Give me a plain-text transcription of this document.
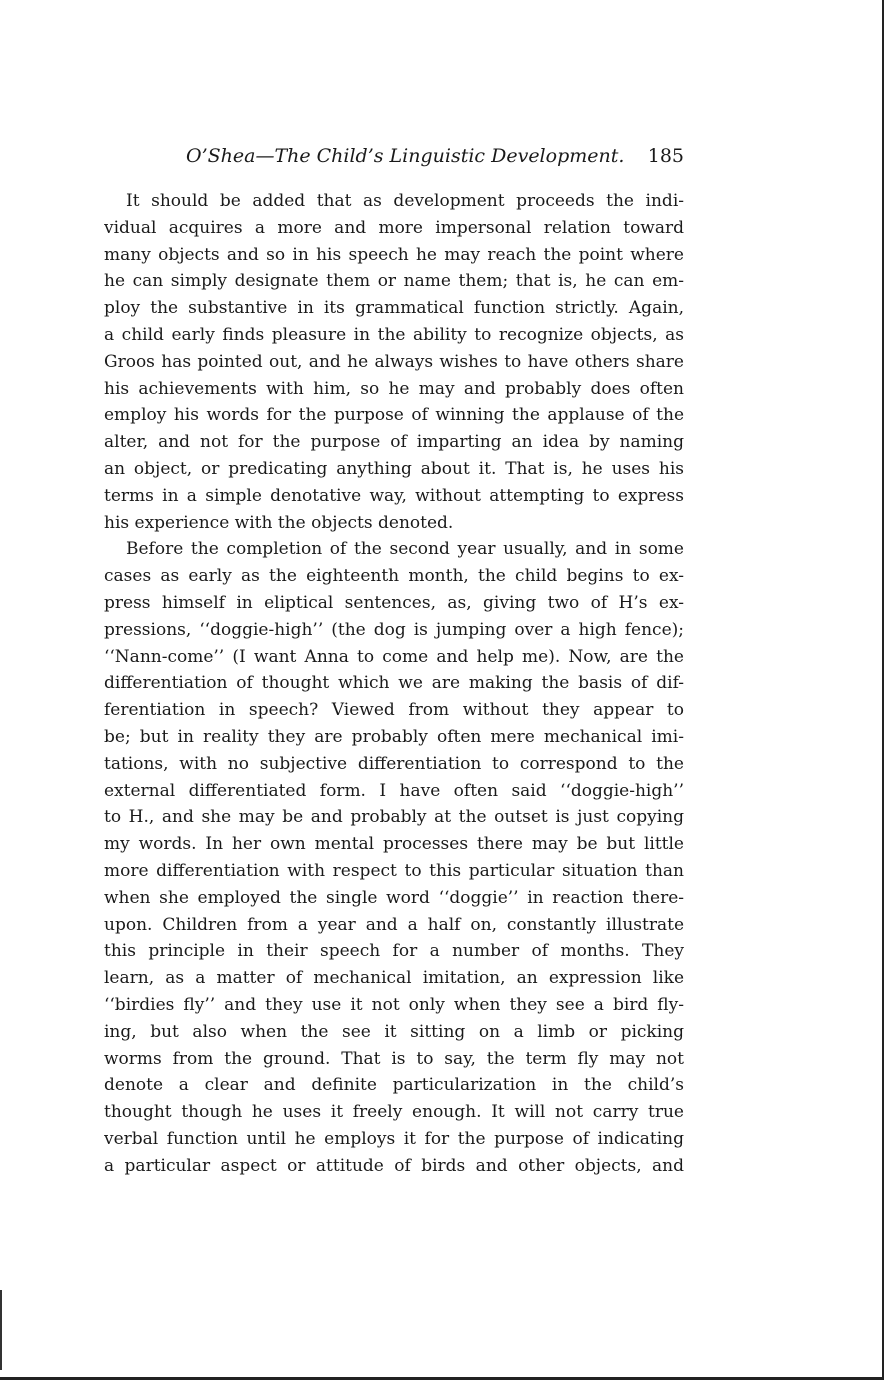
O’Shea—The Child’s Linguistic Development. 185
It should be added that as development proceeds the indi-
vidual acquires a more and more impersonal relation toward
many objects and so in his speech he may reach the point where
he can simply designate them or name them; that is, he can em-
ploy the substantive in its grammatical function strictly. Again,
a child early finds pleasure in the ability to recognize objects, as
Groos has pointed out, and he always wishes to have others share
his achievements with him, so he may and probably does often
employ his words for the purpose of winning the applause of the
alter, and not for the purpose of imparting an idea by naming
an object, or predicating anything about it. That is, he uses his
terms in a simple denotative way, without attempting to express
his experience with the objects denoted.
Before the completion of the second year usually, and in some
cases as early as the eighteenth month, the child begins to ex-
press himself in eliptical sentences, as, giving two of H’s ex-
pressions, ‘‘doggie-high’’ (the dog is jumping over a high fence);
‘‘Nann-come’’ (I want Anna to come and help me). Now, are the
differentiation of thought which we are making the basis of dif-
ferentiation in speech? Viewed from without they appear to
be; but in reality they are probably often mere mechanical imi-
tations, with no subjective differentiation to correspond to the
external differentiated form. I have often said ‘‘doggie-high’’
to H., and she may be and probably at the outset is just copying
my words. In her own mental processes there may be but little
more differentiation with respect to this particular situation than
when she employed the single word ‘‘doggie’’ in reaction there-
upon. Children from a year and a half on, constantly illustrate
this principle in their speech for a number of months. They
learn, as a matter of mechanical imitation, an expression like
‘‘birdies fly’’ and they use it not only when they see a bird fly-
ing, but also when the see it sitting on a limb or picking
worms from the ground. That is to say, the term fly may not
denote a clear and definite particularization in the child’s
thought though he uses it freely enough. It will not carry true
verbal function until he employs it for the purpose of indicating
a particular aspect or attitude of birds and other objects, and
